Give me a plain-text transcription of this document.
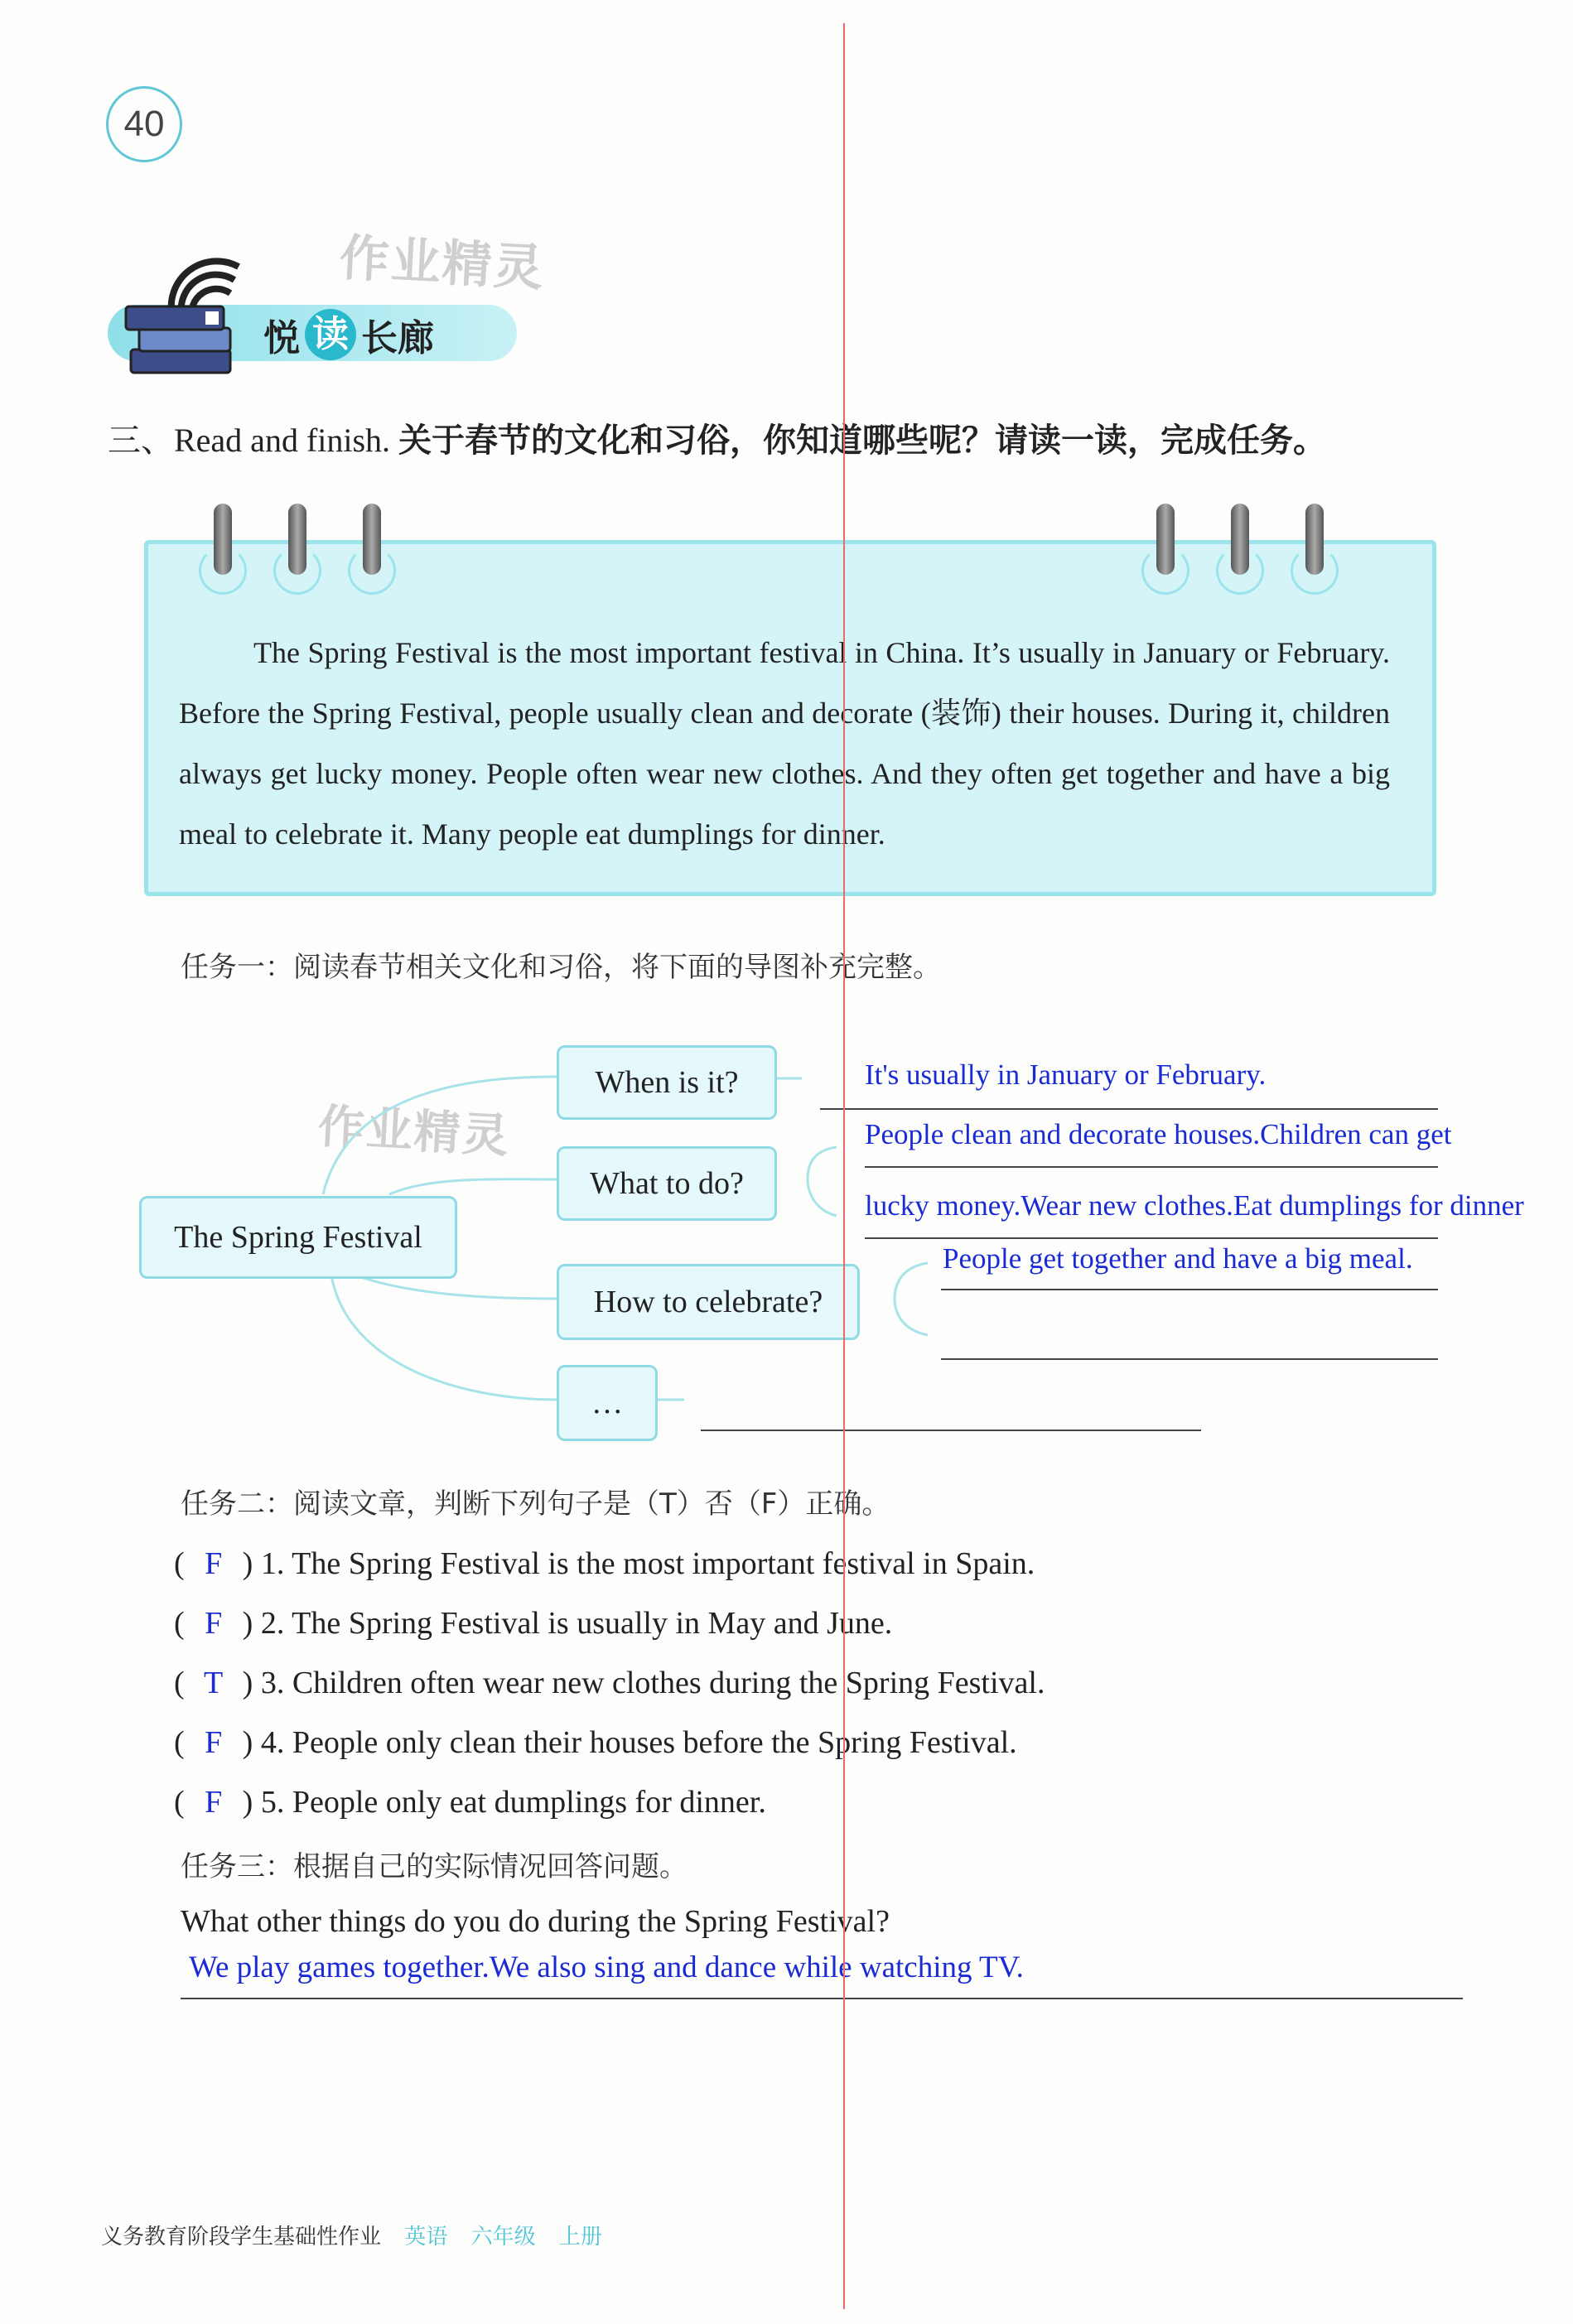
40
作业精灵
作业精灵
悦 读 长廊
三、Read and finish. 关于春节的文化和习俗，你知道哪些呢？请读一读，完成任务。
The Spring Festival is the most important festival in China. It’s usually in January or February. Before the Spring Festival, people usually clean and decorate (装饰) their houses. During it, children always get lucky money. People often wear new clothes. And they often get together and have a big meal to celebrate it. Many people eat dumplings for dinner.
任务一：阅读春节相关文化和习俗，将下面的导图补充完整。
The Spring Festival
When is it?
What to do?
How to celebrate?
…
It's usually in January or February.
People clean and decorate houses.Children can get
lucky money.Wear new clothes.Eat dumplings for dinner
People get together and have a big meal.
任务二：阅读文章，判断下列句子是（T）否（F）正确。
( F ) 1. The Spring Festival is the most important festival in Spain.
( F ) 2. The Spring Festival is usually in May and June.
( T ) 3. Children often wear new clothes during the Spring Festival.
( F ) 4. People only clean their houses before the Spring Festival.
( F ) 5. People only eat dumplings for dinner.
任务三：根据自己的实际情况回答问题。
What other things do you do during the Spring Festival?
We play games together.We also sing and dance while watching TV.
义务教育阶段学生基础性作业 英语 六年级 上册
